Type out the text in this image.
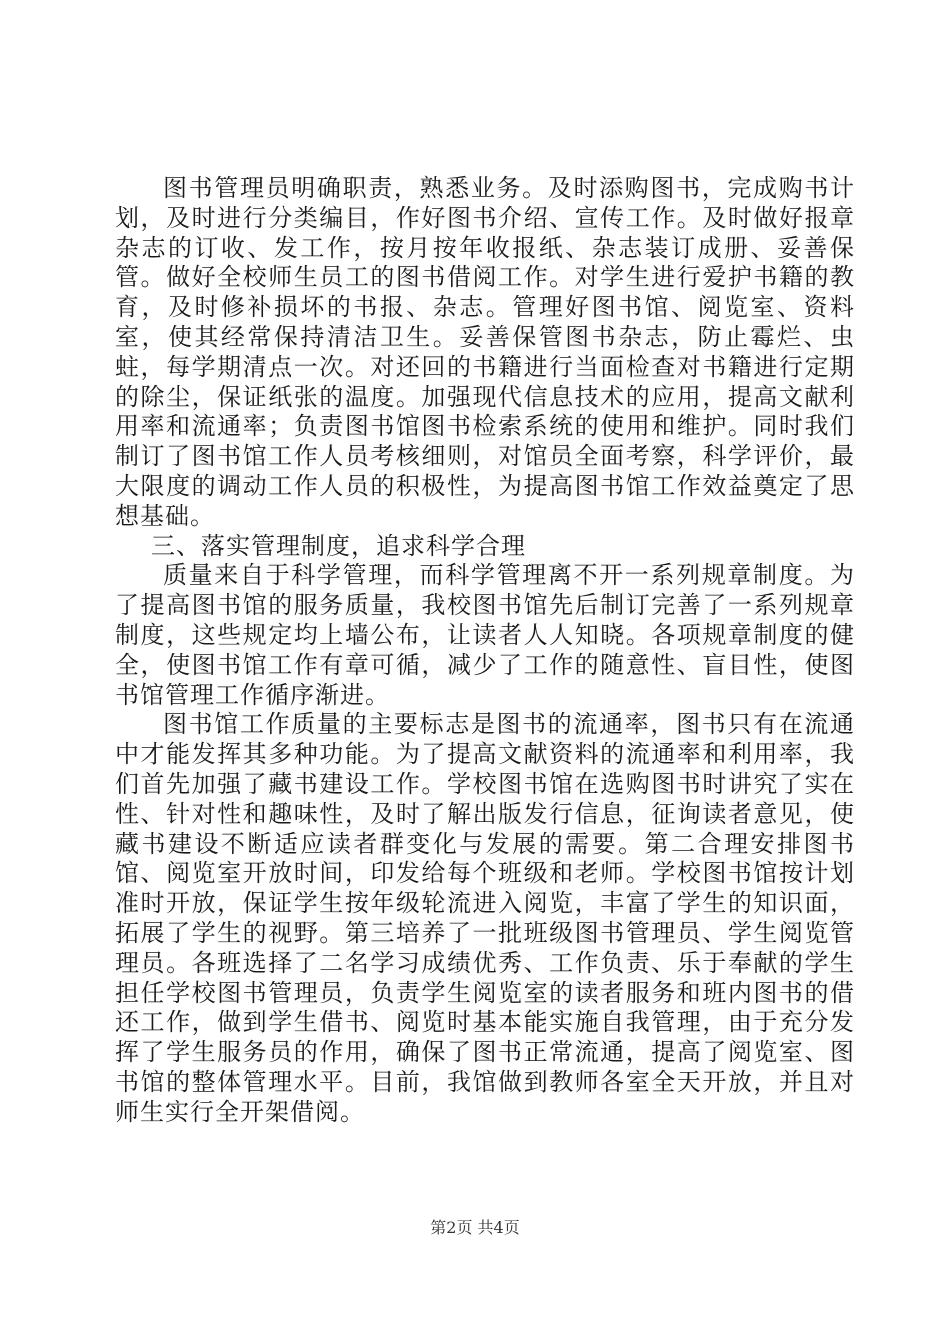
图书管理员明确职责，熟悉业务。及时添购图书，完成购书计划，及时进行分类编目，作好图书介绍、宣传工作。及时做好报章杂志的订收、发工作，按月按年收报纸、杂志装订成册、妥善保管。做好全校师生员工的图书借阅工作。对学生进行爱护书籍的教育，及时修补损坏的书报、杂志。管理好图书馆、阅览室、资料室，使其经常保持清洁卫生。妥善保管图书杂志，防止霉烂、虫蛀，每学期清点一次。对还回的书籍进行当面检查对书籍进行定期的除尘，保证纸张的温度。加强现代信息技术的应用，提高文献利用率和流通率；负责图书馆图书检索系统的使用和维护。同时我们制订了图书馆工作人员考核细则，对馆员全面考察，科学评价，最大限度的调动工作人员的积极性，为提高图书馆工作效益奠定了思想基础。

三、落实管理制度，追求科学合理

质量来自于科学管理，而科学管理离不开一系列规章制度。为了提高图书馆的服务质量，我校图书馆先后制订完善了一系列规章制度，这些规定均上墙公布，让读者人人知晓。各项规章制度的健全，使图书馆工作有章可循，减少了工作的随意性、盲目性，使图书馆管理工作循序渐进。

图书馆工作质量的主要标志是图书的流通率，图书只有在流通中才能发挥其多种功能。为了提高文献资料的流通率和利用率，我们首先加强了藏书建设工作。学校图书馆在选购图书时讲究了实在性、针对性和趣味性，及时了解出版发行信息，征询读者意见，使藏书建设不断适应读者群变化与发展的需要。第二合理安排图书馆、阅览室开放时间，印发给每个班级和老师。学校图书馆按计划准时开放，保证学生按年级轮流进入阅览，丰富了学生的知识面，拓展了学生的视野。第三培养了一批班级图书管理员、学生阅览管理员。各班选择了二名学习成绩优秀、工作负责、乐于奉献的学生担任学校图书管理员，负责学生阅览室的读者服务和班内图书的借还工作，做到学生借书、阅览时基本能实施自我管理，由于充分发挥了学生服务员的作用，确保了图书正常流通，提高了阅览室、图书馆的整体管理水平。目前，我馆做到教师各室全天开放，并且对师生实行全开架借阅。

第2页 共4页
